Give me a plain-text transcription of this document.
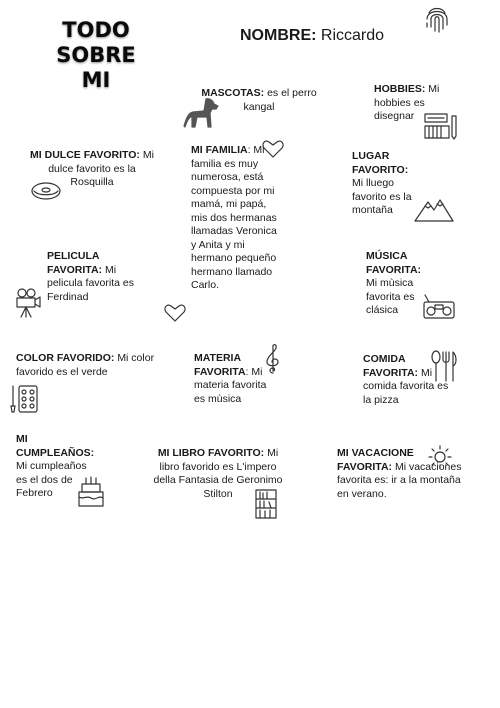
TODO
SOBRE
MI
NOMBRE: Riccardo
MASCOTAS: es el perro kangal
HOBBIES: Mi hobbies es disegnar
MI DULCE FAVORITO: Mi dulce favorito es la Rosquilla
MI FAMILIA: Mi familia es muy numerosa, está compuesta por mi mamá, mi papá, mis dos hermanas llamadas Veronica y Anita y mi hermano pequeño hermano llamado Carlo.
LUGAR FAVORITO: Mi lluego favorito es la montaña
PELICULA FAVORITA: Mi pelicula favorita es Ferdinad
MÚSICA FAVORITA: Mi mùsica favorita es clásica
COLOR FAVORIDO: Mi color favorido es el verde
MATERIA FAVORITA: Mi materia favorita es mùsica
COMIDA FAVORITA: Mi comida favorita es la pizza
MI CUMPLEAÑOS: Mi cumpleaños es el dos de Febrero
MI LIBRO FAVORITO: Mi libro favorido es L'impero della Fantasia de Geronimo Stilton
MI VACACIONE FAVORITA: Mi vacaciones favorita es: ir a la montaña en verano.
